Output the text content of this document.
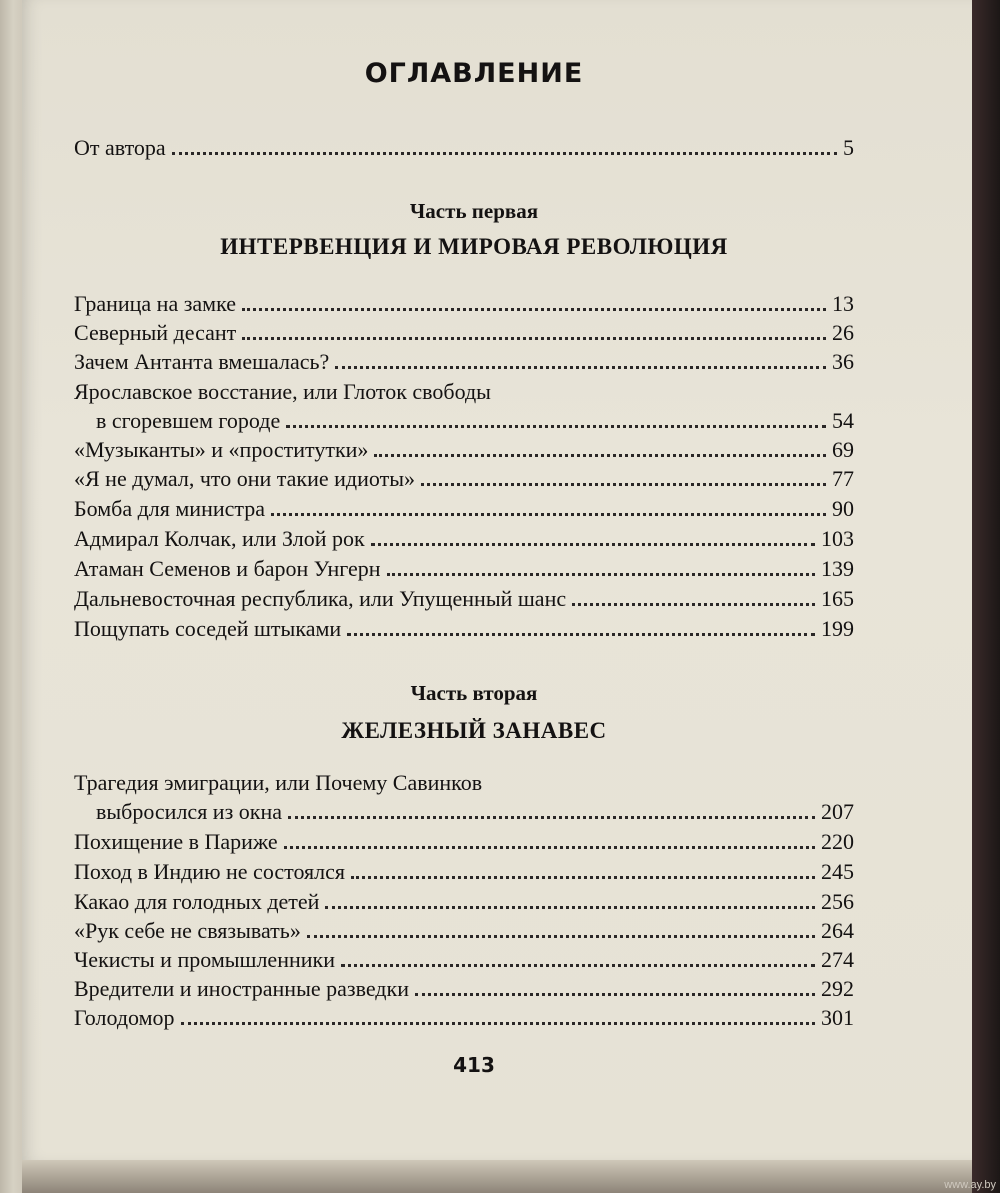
ОГЛАВЛЕНИЕ
От автора	5
Часть первая
ИНТЕРВЕНЦИЯ И МИРОВАЯ РЕВОЛЮЦИЯ
Граница на замке	13
Северный десант	26
Зачем Антанта вмешалась?	36
Ярославское восстание, или Глоток свободы
в сгоревшем городе	54
«Музыканты» и «проститутки»	69
«Я не думал, что они такие идиоты»	77
Бомба для министра	90
Адмирал Колчак, или Злой рок	103
Атаман Семенов и барон Унгерн	139
Дальневосточная республика, или Упущенный шанс	165
Пощупать соседей штыками	199
Часть вторая
ЖЕЛЕЗНЫЙ ЗАНАВЕС
Трагедия эмиграции, или Почему Савинков
выбросился из окна	207
Похищение в Париже	220
Поход в Индию не состоялся	245
Какао для голодных детей	256
«Рук себе не связывать»	264
Чекисты и промышленники	274
Вредители и иностранные разведки	292
Голодомор	301
413
www.ay.by
